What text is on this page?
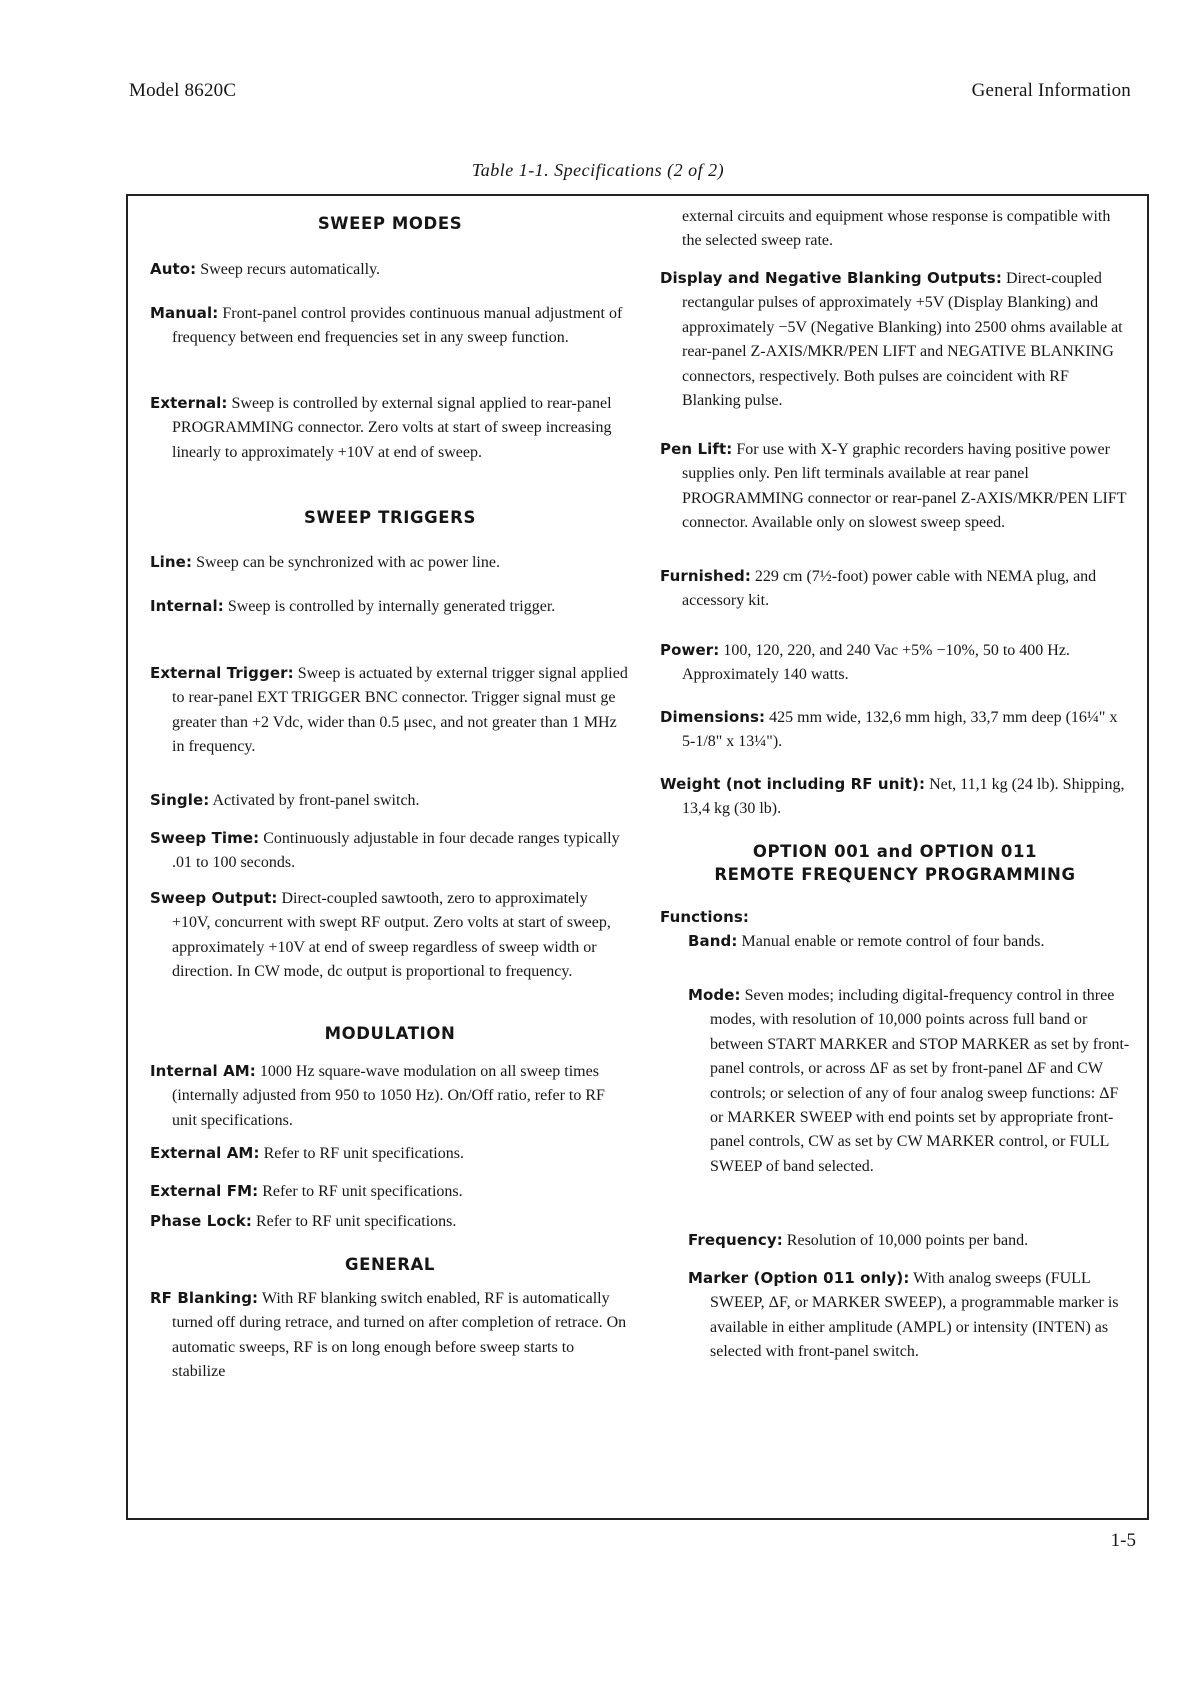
Model 8620C	General Information
Table 1-1. Specifications (2 of 2)
SWEEP MODES
Auto: Sweep recurs automatically.
Manual: Front-panel control provides continuous manual adjustment of frequency between end frequencies set in any sweep function.
External: Sweep is controlled by external signal applied to rear-panel PROGRAMMING connector. Zero volts at start of sweep increasing linearly to approximately +10V at end of sweep.
SWEEP TRIGGERS
Line: Sweep can be synchronized with ac power line.
Internal: Sweep is controlled by internally generated trigger.
External Trigger: Sweep is actuated by external trigger signal applied to rear-panel EXT TRIGGER BNC connector. Trigger signal must ge greater than +2 Vdc, wider than 0.5 μsec, and not greater than 1 MHz in frequency.
Single: Activated by front-panel switch.
Sweep Time: Continuously adjustable in four decade ranges typically .01 to 100 seconds.
Sweep Output: Direct-coupled sawtooth, zero to approximately +10V, concurrent with swept RF output. Zero volts at start of sweep, approximately +10V at end of sweep regardless of sweep width or direction. In CW mode, dc output is proportional to frequency.
MODULATION
Internal AM: 1000 Hz square-wave modulation on all sweep times (internally adjusted from 950 to 1050 Hz). On/Off ratio, refer to RF unit specifications.
External AM: Refer to RF unit specifications.
External FM: Refer to RF unit specifications.
Phase Lock: Refer to RF unit specifications.
GENERAL
RF Blanking: With RF blanking switch enabled, RF is automatically turned off during retrace, and turned on after completion of retrace. On automatic sweeps, RF is on long enough before sweep starts to stabilize
external circuits and equipment whose response is compatible with the selected sweep rate.
Display and Negative Blanking Outputs: Direct-coupled rectangular pulses of approximately +5V (Display Blanking) and approximately −5V (Negative Blanking) into 2500 ohms available at rear-panel Z-AXIS/MKR/PEN LIFT and NEGATIVE BLANKING connectors, respectively. Both pulses are coincident with RF Blanking pulse.
Pen Lift: For use with X-Y graphic recorders having positive power supplies only. Pen lift terminals available at rear panel PROGRAMMING connector or rear-panel Z-AXIS/MKR/PEN LIFT connector. Available only on slowest sweep speed.
Furnished: 229 cm (7½-foot) power cable with NEMA plug, and accessory kit.
Power: 100, 120, 220, and 240 Vac +5% −10%, 50 to 400 Hz. Approximately 140 watts.
Dimensions: 425 mm wide, 132,6 mm high, 33,7 mm deep (16¼" x 5-1/8" x 13¼").
Weight (not including RF unit): Net, 11,1 kg (24 lb). Shipping, 13,4 kg (30 lb).
OPTION 001 and OPTION 011
REMOTE FREQUENCY PROGRAMMING
Functions:
Band: Manual enable or remote control of four bands.
Mode: Seven modes; including digital-frequency control in three modes, with resolution of 10,000 points across full band or between START MARKER and STOP MARKER as set by front-panel controls, or across ΔF as set by front-panel ΔF and CW controls; or selection of any of four analog sweep functions: ΔF or MARKER SWEEP with end points set by appropriate front-panel controls, CW as set by CW MARKER control, or FULL SWEEP of band selected.
Frequency: Resolution of 10,000 points per band.
Marker (Option 011 only): With analog sweeps (FULL SWEEP, ΔF, or MARKER SWEEP), a programmable marker is available in either amplitude (AMPL) or intensity (INTEN) as selected with front-panel switch.
1-5
